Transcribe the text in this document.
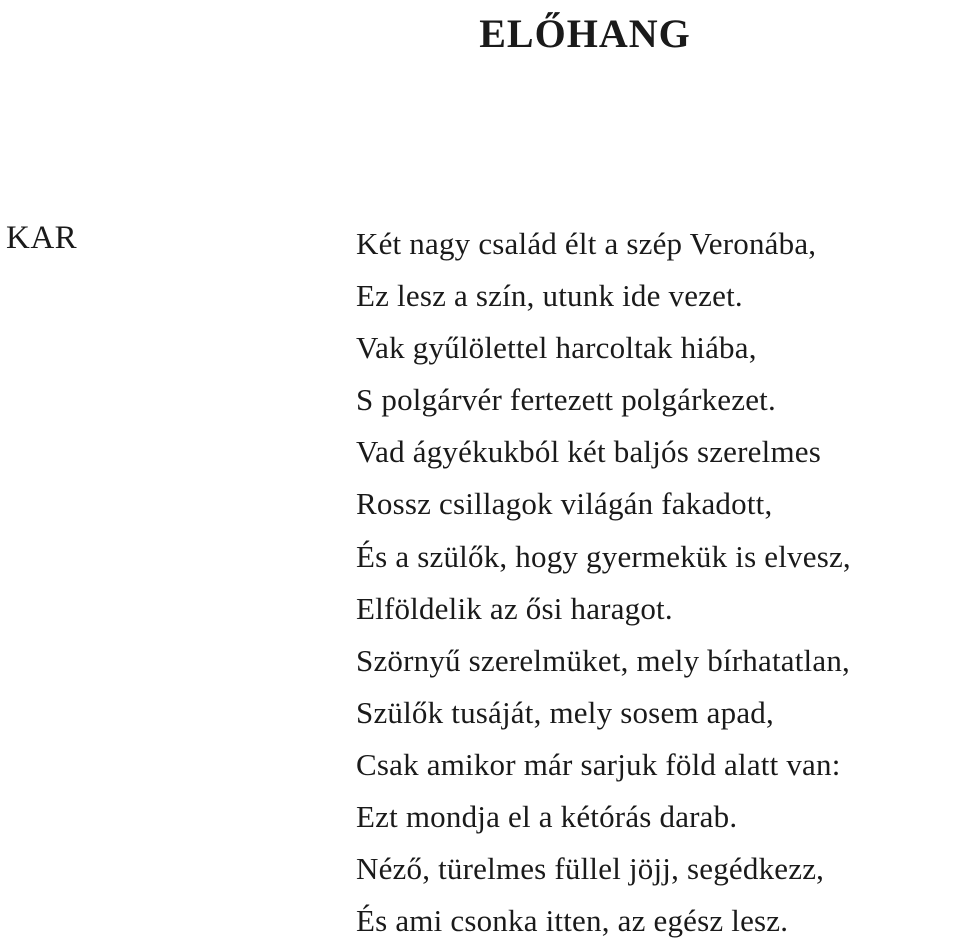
ELŐHANG
KAR	Két nagy család élt a szép Veronába,
Ez lesz a szín, utunk ide vezet.
Vak gyűlölettel harcoltak hiába,
S polgárvér fertezett polgárkezet.
Vad ágyékukból két baljós szerelmes
Rossz csillagok világán fakadott,
És a szülők, hogy gyermekük is elvesz,
Elföldelik az ősi haragot.
Szörnyű szerelmüket, mely bírhatatlan,
Szülők tusáját, mely sosem apad,
Csak amikor már sarjuk föld alatt van:
Ezt mondja el a kétórás darab.
Néző, türelmes füllel jöjj, segédkezz,
És ami csonka itten, az egész lesz.
